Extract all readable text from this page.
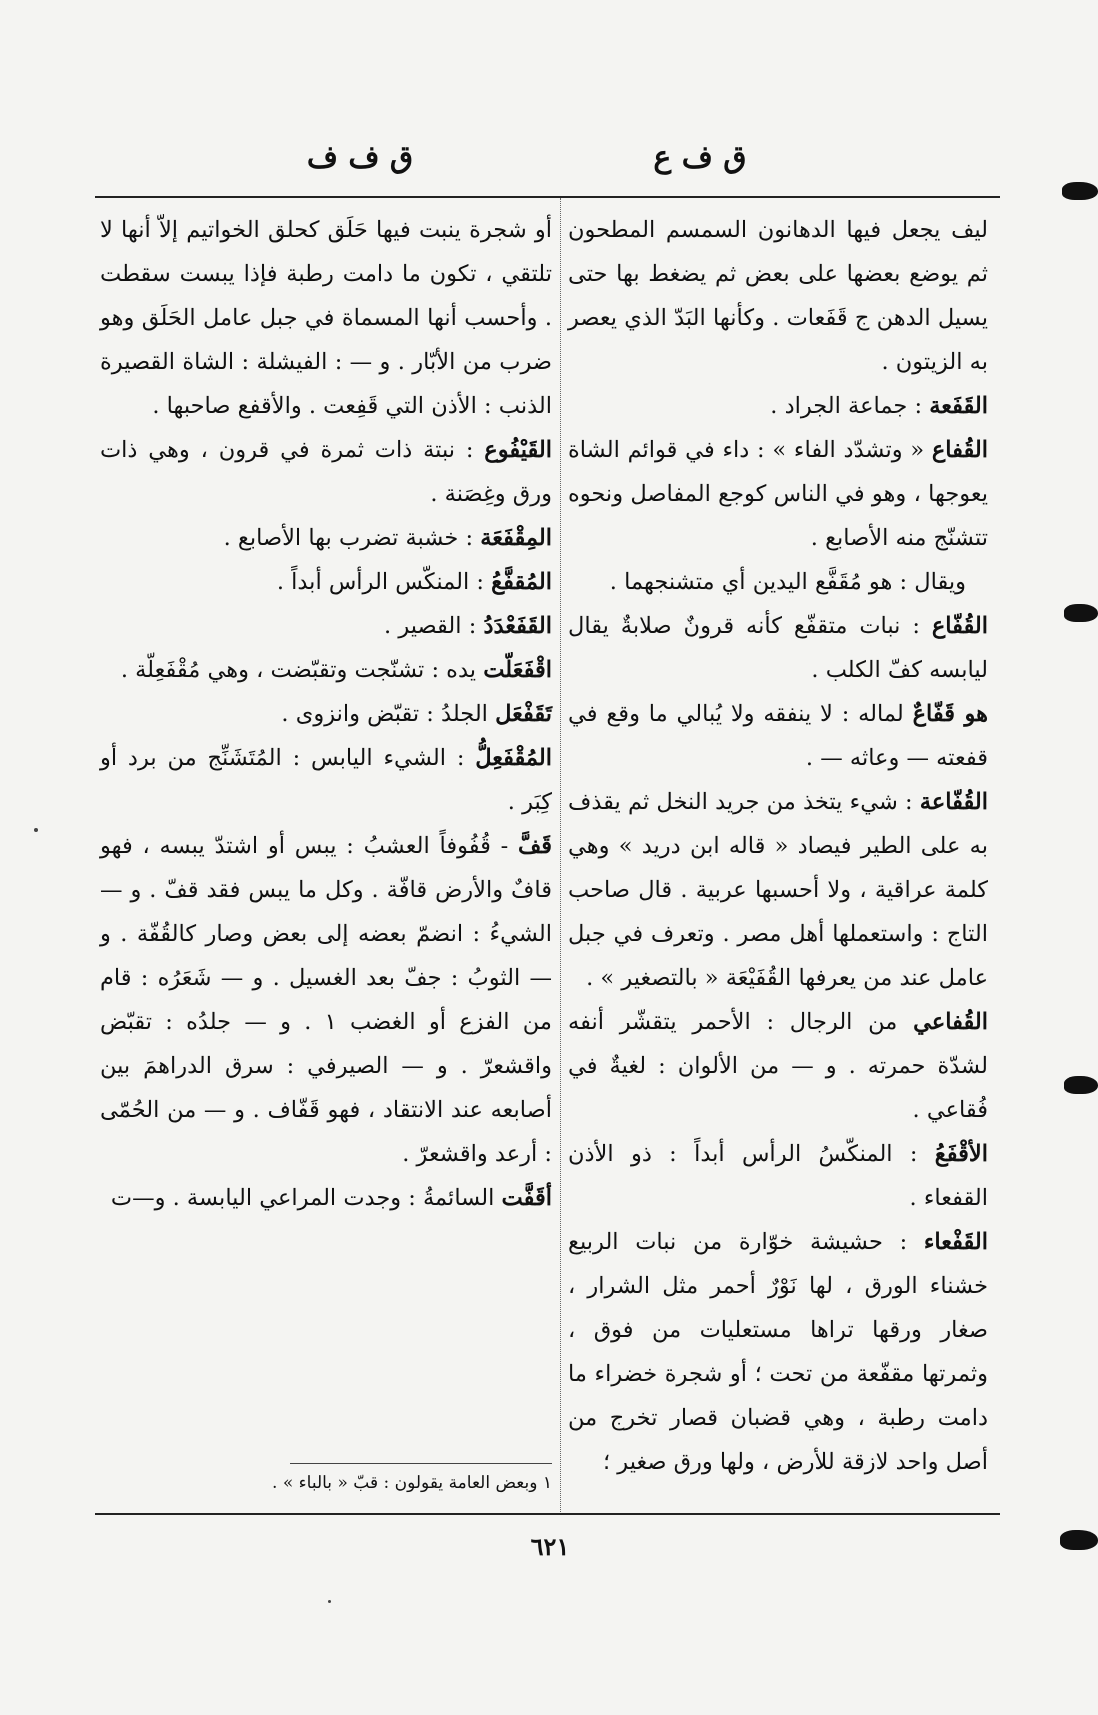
ق ف ع
ق ف ف
ليف يجعل فيها الدهانون السمسم المطحون ثم يوضع بعضها على بعض ثم يضغط بها حتى يسيل الدهن ج قَفَعات . وكأنها البَدّ الذي يعصر به الزيتون .
القَفَعة : جماعة الجراد .
القُفاع « وتشدّد الفاء » : داء في قوائم الشاة يعوجها ، وهو في الناس كوجع المفاصل ونحوه تتشنّج منه الأصابع .
ويقال : هو مُقَفَّع اليدين أي متشنجهما .
القُفّاع : نبات متقفّع كأنه قرونٌ صلابةٌ يقال ليابسه كفّ الكلب .
هو قَفّاعٌ لماله : لا ينفقه ولا يُبالي ما وقع في قفعته — وعاثه — .
القُفّاعة : شيء يتخذ من جريد النخل ثم يقذف به على الطير فيصاد « قاله ابن دريد » وهي كلمة عراقية ، ولا أحسبها عربية . قال صاحب التاج : واستعملها أهل مصر . وتعرف في جبل عامل عند من يعرفها القُفَيْعَة « بالتصغير » .
القُفاعي من الرجال : الأحمر يتقشّر أنفه لشدّة حمرته . و — من الألوان : لغيةٌ في فُقاعي .
الأقْفَعُ : المنكّسُ الرأس أبداً : ذو الأذن القفعاء .
القَفْعاء : حشيشة خوّارة من نبات الربيع خشناء الورق ، لها نَوْرٌ أحمر مثل الشرار ، صغار ورقها تراها مستعليات من فوق ، وثمرتها مقفّعة من تحت ؛ أو شجرة خضراء ما دامت رطبة ، وهي قضبان قصار تخرج من أصل واحد لازقة للأرض ، ولها ورق صغير ؛
أو شجرة ينبت فيها حَلَق كحلق الخواتيم إلاّ أنها لا تلتقي ، تكون ما دامت رطبة فإذا يبست سقطت . وأحسب أنها المسماة في جبل عامل الحَلَق وهو ضرب من الأبّار . و — : الفيشلة : الشاة القصيرة الذنب : الأذن التي قَفِعت . والأقفع صاحبها .
القَيْفُوع : نبتة ذات ثمرة في قرون ، وهي ذات ورق وغِصَنة .
المِقْفَعَة : خشبة تضرب بها الأصابع .
المُقفَّعُ : المنكّس الرأس أبداً .
القَفَعْدَدُ : القصير .
اقْفَعَلّت يده : تشنّجت وتقبّضت ، وهي مُقْفَعِلّة .
تَقَفْعَل الجلدُ : تقبّض وانزوى .
المُقْفَعِلُّ : الشيء اليابس : المُتَشَنِّج من برد أو كِبَر .
قَفَّ - قُفُوفاً العشبُ : يبس أو اشتدّ يبسه ، فهو قافٌ والأرض قافّة . وكل ما يبس فقد قفّ . و — الشيءُ : انضمّ بعضه إلى بعض وصار كالقُفّة . و — الثوبُ : جفّ بعد الغسيل . و — شَعَرُه : قام من الفزع أو الغضب ١ . و — جلدُه : تقبّض واقشعرّ . و — الصيرفي : سرق الدراهمَ بين أصابعه عند الانتقاد ، فهو قَفّاف . و — من الحُمّى : أرعد واقشعرّ .
أقَفَّت السائمةُ : وجدت المراعي اليابسة . و—ت
١ وبعض العامة يقولون : قبّ « بالباء » .
٦٢١
